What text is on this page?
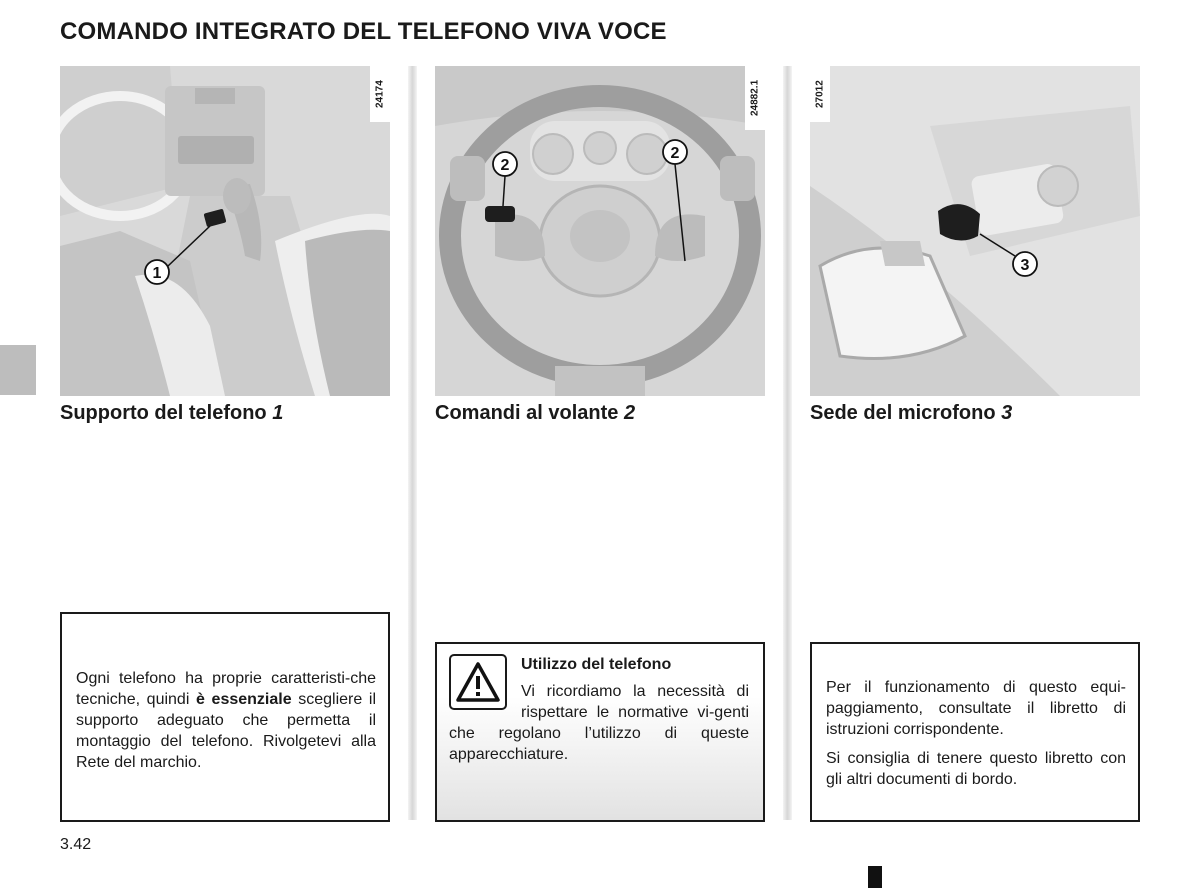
COMANDO INTEGRATO DEL TELEFONO VIVA VOCE
1
24174
2
2
24882.1
3
27012
Supporto del telefono 1	Comandi al volante 2	Sede del microfono 3

Ogni telefono ha proprie caratteristi-che tecniche, quindi è essenziale scegliere il supporto adeguato che permetta il montaggio del telefono. Rivolgetevi alla Rete del marchio.

Utilizzo del telefono

Vi ricordiamo la necessità di rispettare le normative vi-genti che regolano l’utilizzo di queste apparecchiature.

Per il funzionamento di questo equi-paggiamento, consultate il libretto di istruzioni corrispondente.

Si consiglia di tenere questo libretto con gli altri documenti di bordo.

3.42
